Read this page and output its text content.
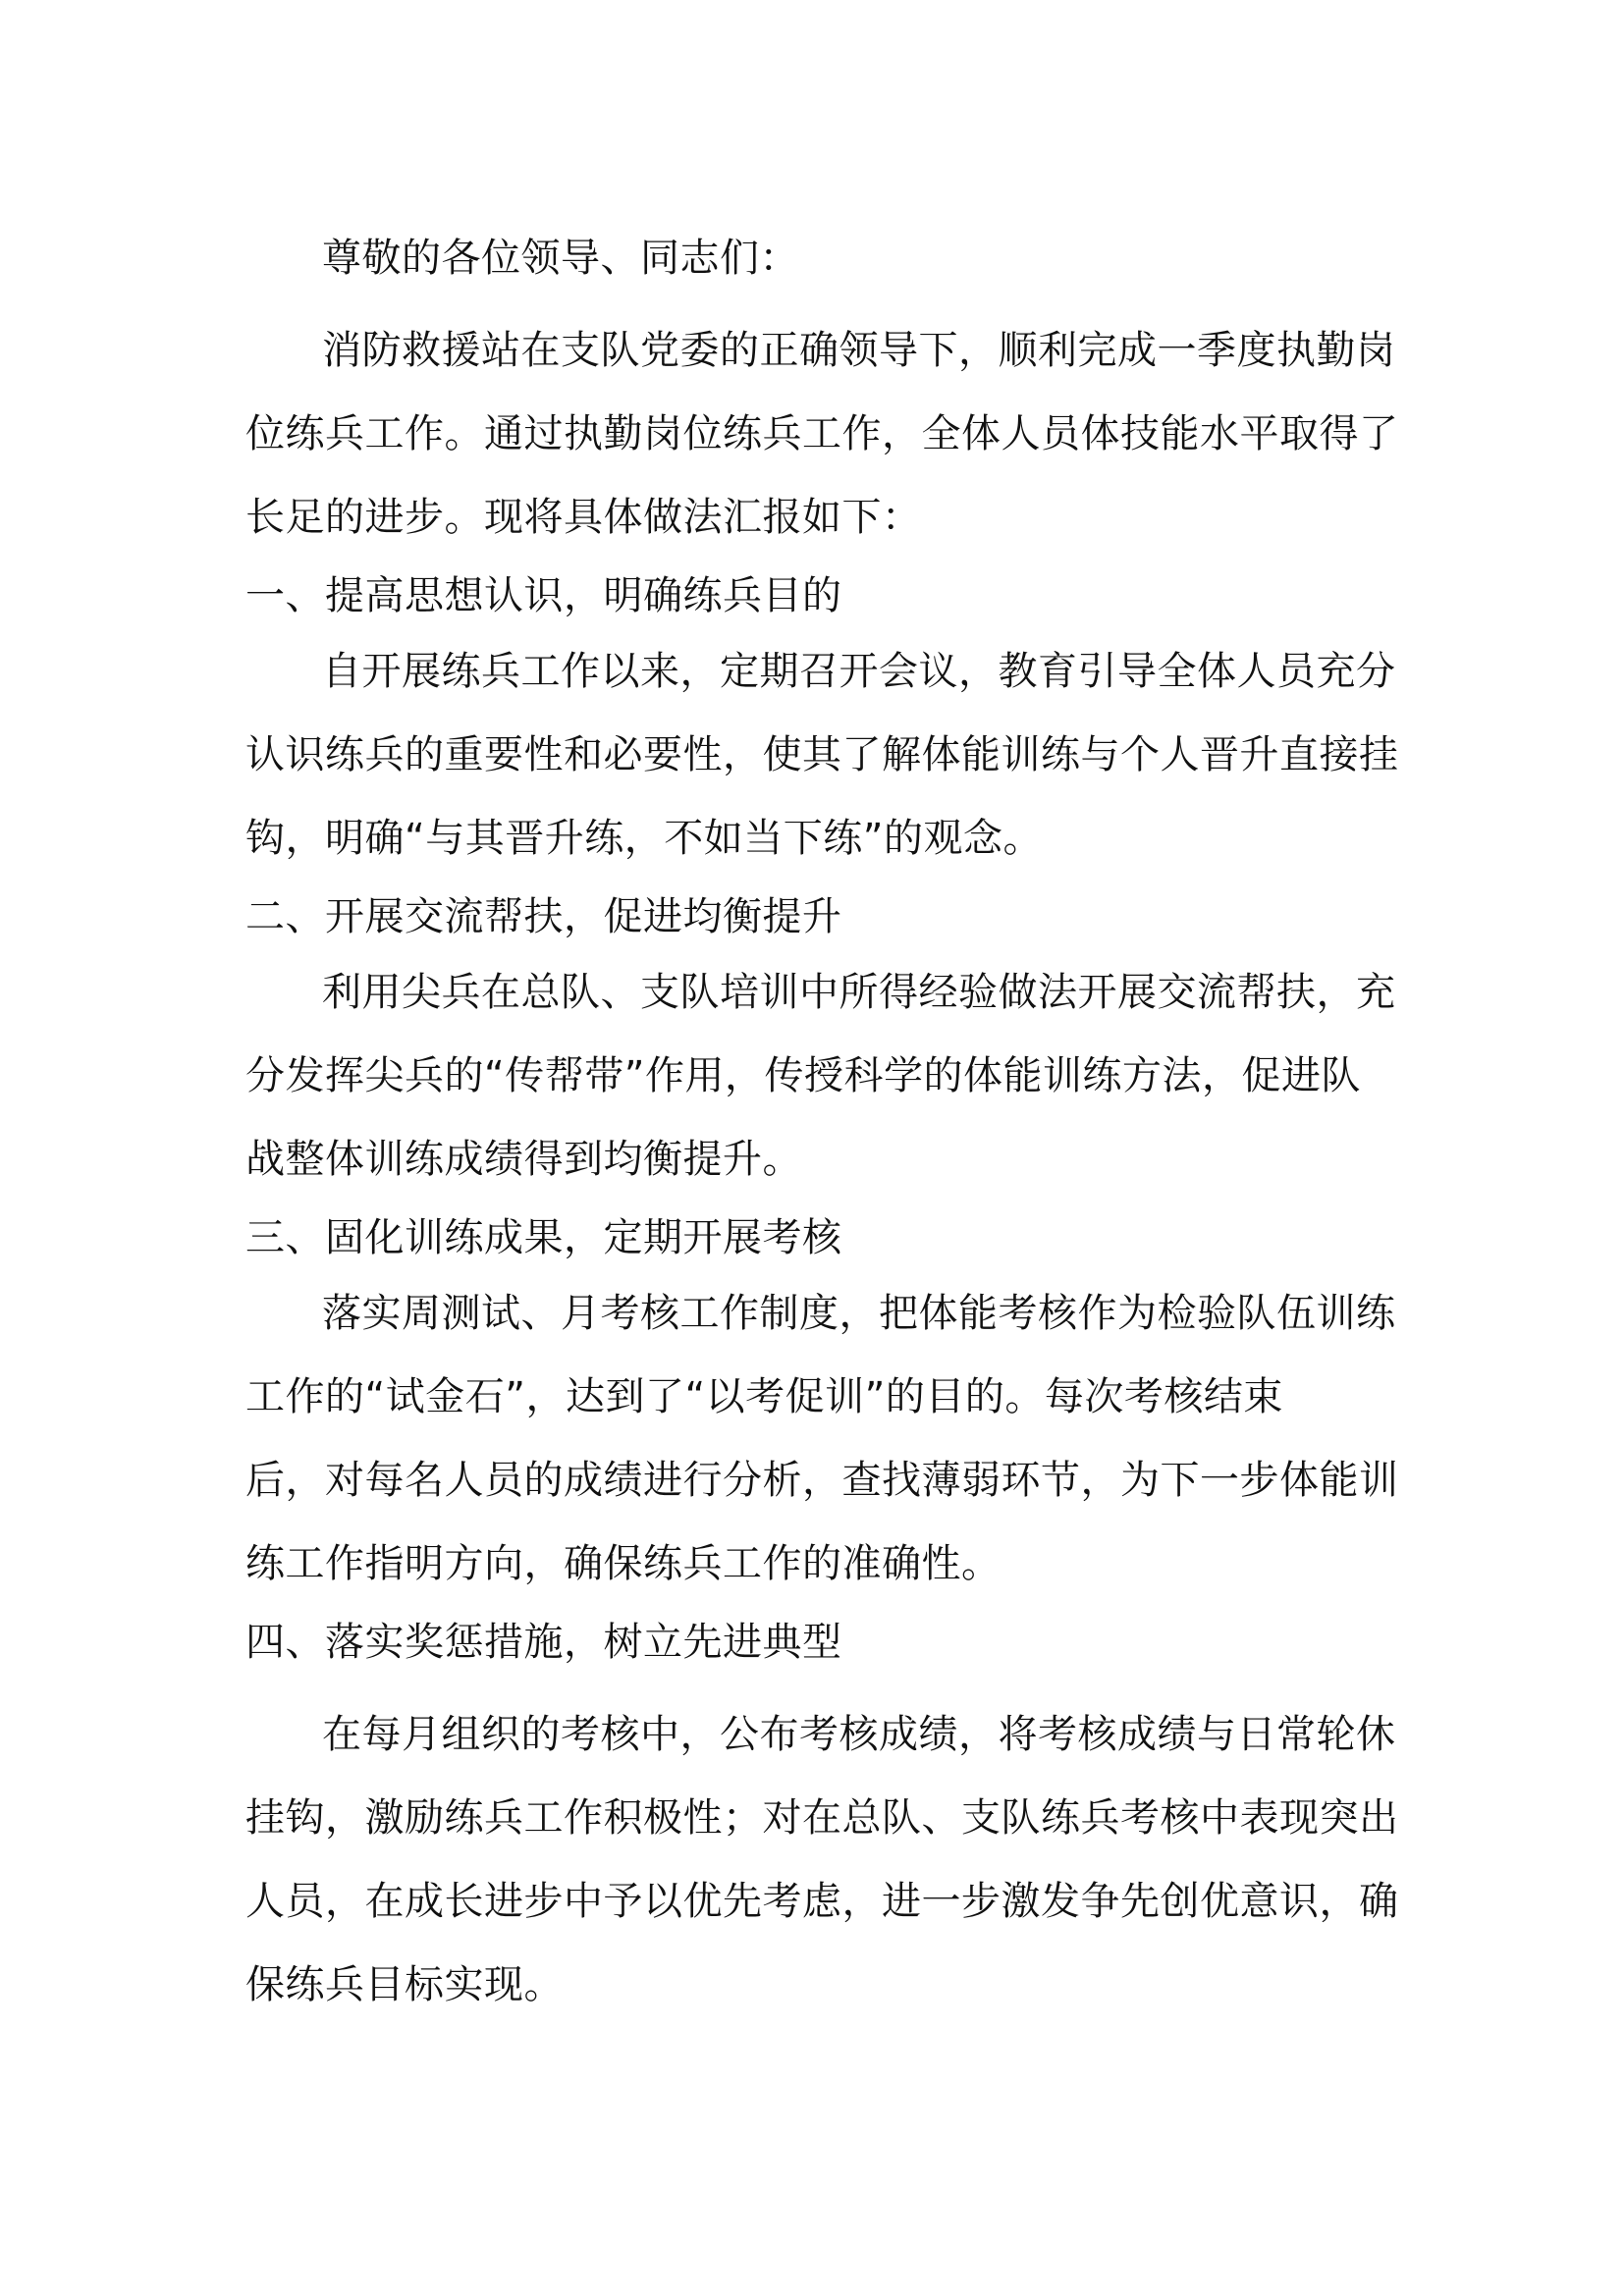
尊敬的各位领导、同志们：
消防救援站在支队党委的正确领导下，顺利完成一季度执勤岗
位练兵工作。通过执勤岗位练兵工作，全体人员体技能水平取得了
长足的进步。现将具体做法汇报如下：
一、提高思想认识，明确练兵目的
自开展练兵工作以来，定期召开会议，教育引导全体人员充分
认识练兵的重要性和必要性，使其了解体能训练与个人晋升直接挂
钩，明确“与其晋升练，不如当下练”的观念。
二、开展交流帮扶，促进均衡提升
利用尖兵在总队、支队培训中所得经验做法开展交流帮扶，充
分发挥尖兵的“传帮带”作用，传授科学的体能训练方法，促进队
战整体训练成绩得到均衡提升。
三、固化训练成果，定期开展考核
落实周测试、月考核工作制度，把体能考核作为检验队伍训练
工作的“试金石”，达到了“以考促训”的目的。每次考核结束
后，对每名人员的成绩进行分析，查找薄弱环节，为下一步体能训
练工作指明方向，确保练兵工作的准确性。
四、落实奖惩措施，树立先进典型
在每月组织的考核中，公布考核成绩，将考核成绩与日常轮休
挂钩，激励练兵工作积极性；对在总队、支队练兵考核中表现突出
人员，在成长进步中予以优先考虑，进一步激发争先创优意识，确
保练兵目标实现。
